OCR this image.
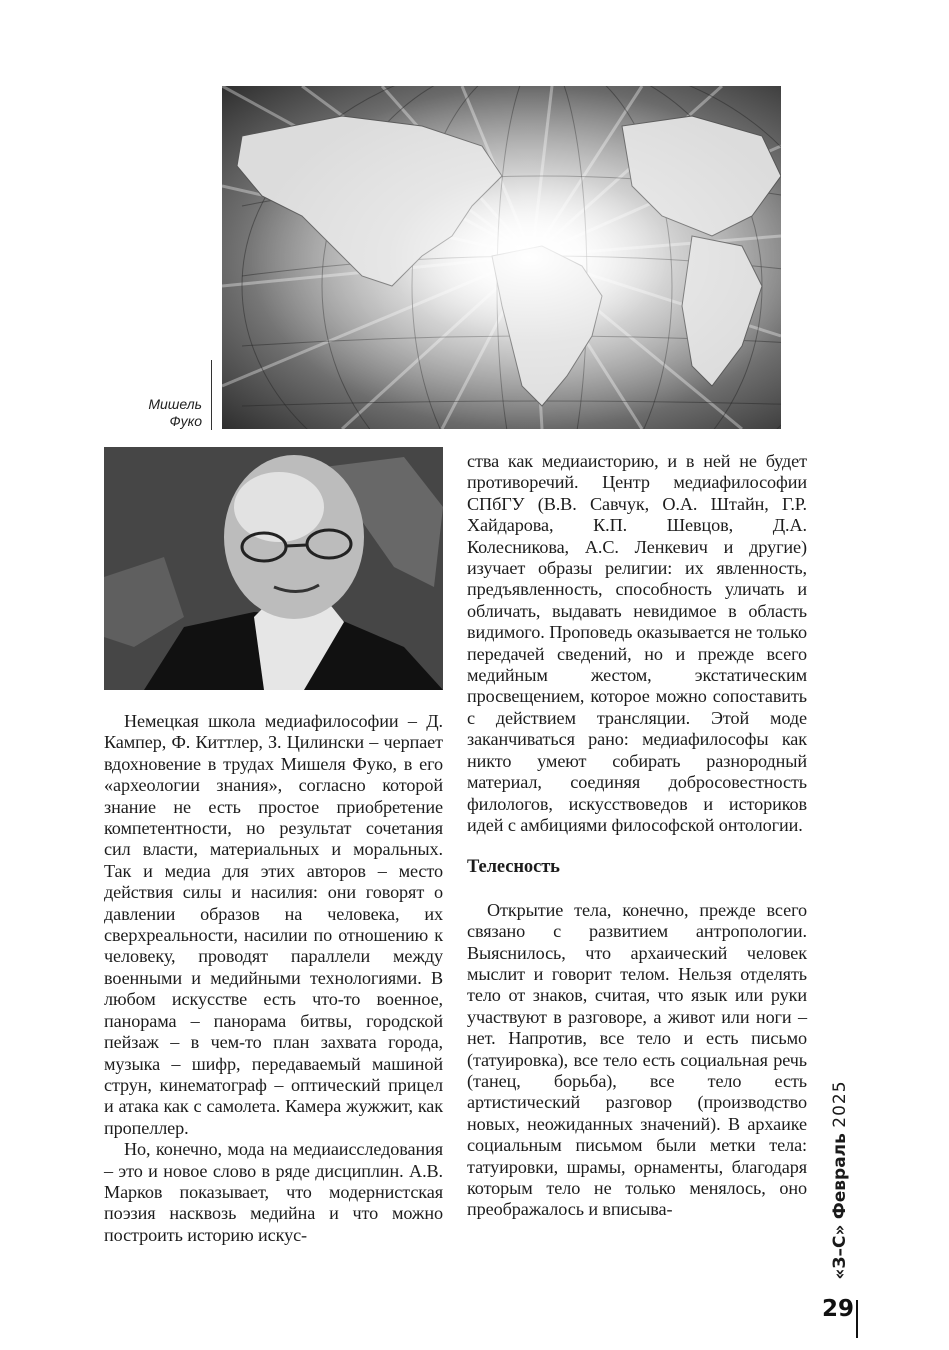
Мишель
Фуко

Немецкая школа медиафилософии – Д. Кампер, Ф. Киттлер, З. Цилински – черпает вдохновение в трудах Мишеля Фуко, в его «археологии знания», согласно которой знание не есть простое приобретение компетентности, но результат сочетания сил власти, материальных и моральных. Так и медиа для этих авторов – место действия силы и насилия: они говорят о давлении образов на человека, их сверхреальности, насилии по отношению к человеку, проводят параллели между военными и медийными технологиями. В любом искусстве есть что-то военное, панорама – панорама битвы, городской пейзаж – в чем-то план захвата города, музыка – шифр, передаваемый машиной струн, кинематограф – оптический прицел и атака как с самолета. Камера жужжит, как пропеллер.

Но, конечно, мода на медиаисследования – это и новое слово в ряде дисциплин. А.В. Марков показывает, что модернистская поэзия насквозь медийна и что можно построить историю искус-

ства как медиаисторию, и в ней не будет противоречий. Центр медиафилософии СПбГУ (В.В. Савчук, О.А. Штайн, Г.Р. Хайдарова, К.П. Шевцов, Д.А. Колесникова, А.С. Ленкевич и другие) изучает образы религии: их явленность, предъявленность, способность уличать и обличать, выдавать невидимое в область видимого. Проповедь оказывается не только передачей сведений, но и прежде всего медийным жестом, экстатическим просвещением, которое можно сопоставить с действием трансляции. Этой моде заканчиваться рано: медиафилософы как никто умеют собирать разнородный материал, соединяя добросовестность филологов, искусствоведов и историков идей с амбициями философской онтологии.

Телесность

Открытие тела, конечно, прежде всего связано с развитием антропологии. Выяснилось, что архаический человек мыслит и говорит телом. Нельзя отделять тело от знаков, считая, что язык или руки участвуют в разговоре, а живот или ноги – нет. Напротив, все тело и есть письмо (татуировка), все тело есть социальная речь (танец, борьба), все тело есть артистический разговор (производство новых, неожиданных значений). В архаике социальным письмом были метки тела: татуировки, шрамы, орнаменты, благодаря которым тело не только менялось, оно преображалось и вписыва-

«З–С» Февраль 2025
29
